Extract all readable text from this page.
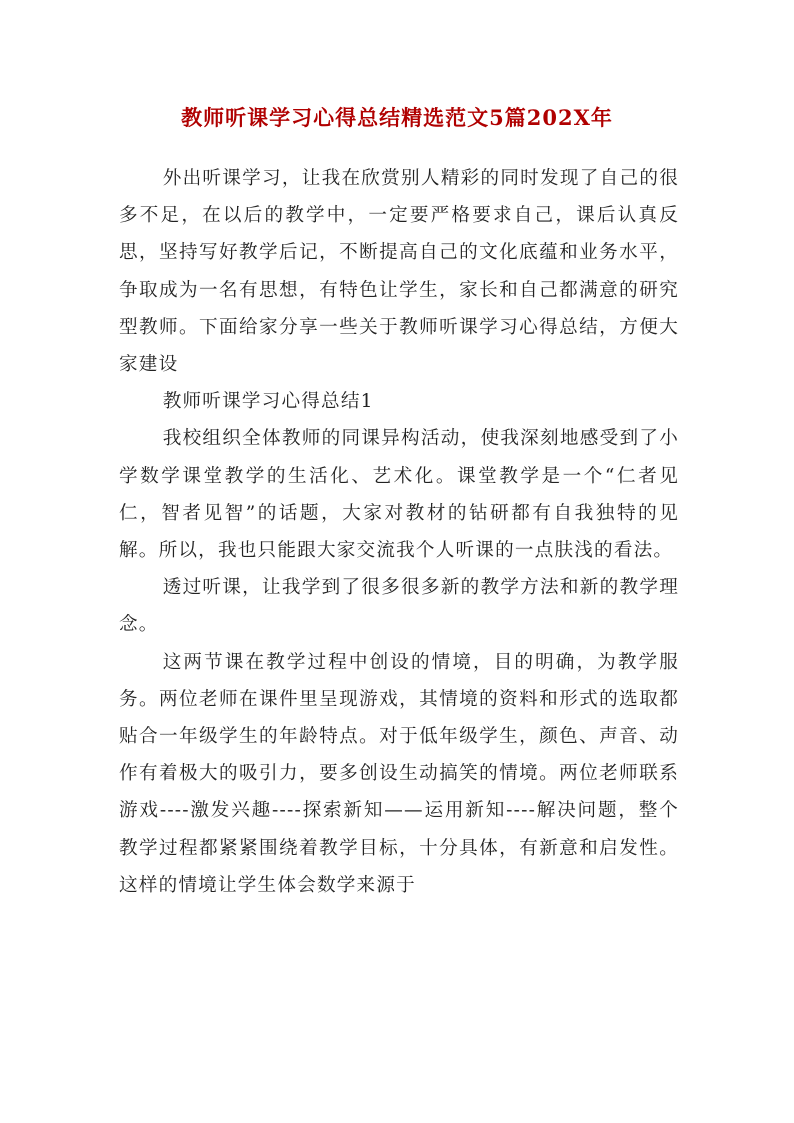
教师听课学习心得总结精选范文5篇202X年

外出听课学习，让我在欣赏别人精彩的同时发现了自己的很多不足，在以后的教学中，一定要严格要求自己，课后认真反思，坚持写好教学后记，不断提高自己的文化底蕴和业务水平，争取成为一名有思想，有特色让学生，家长和自己都满意的研究型教师。下面给家分享一些关于教师听课学习心得总结，方便大家建设

教师听课学习心得总结1

我校组织全体教师的同课异构活动，使我深刻地感受到了小学数学课堂教学的生活化、艺术化。课堂教学是一个“仁者见仁，智者见智”的话题，大家对教材的钻研都有自我独特的见解。所以，我也只能跟大家交流我个人听课的一点肤浅的看法。

透过听课，让我学到了很多很多新的教学方法和新的教学理念。

这两节课在教学过程中创设的情境，目的明确，为教学服务。两位老师在课件里呈现游戏，其情境的资料和形式的选取都贴合一年级学生的年龄特点。对于低年级学生，颜色、声音、动作有着极大的吸引力，要多创设生动搞笑的情境。两位老师联系游戏----激发兴趣----探索新知——运用新知----解决问题，整个教学过程都紧紧围绕着教学目标，十分具体，有新意和启发性。这样的情境让学生体会数学来源于
